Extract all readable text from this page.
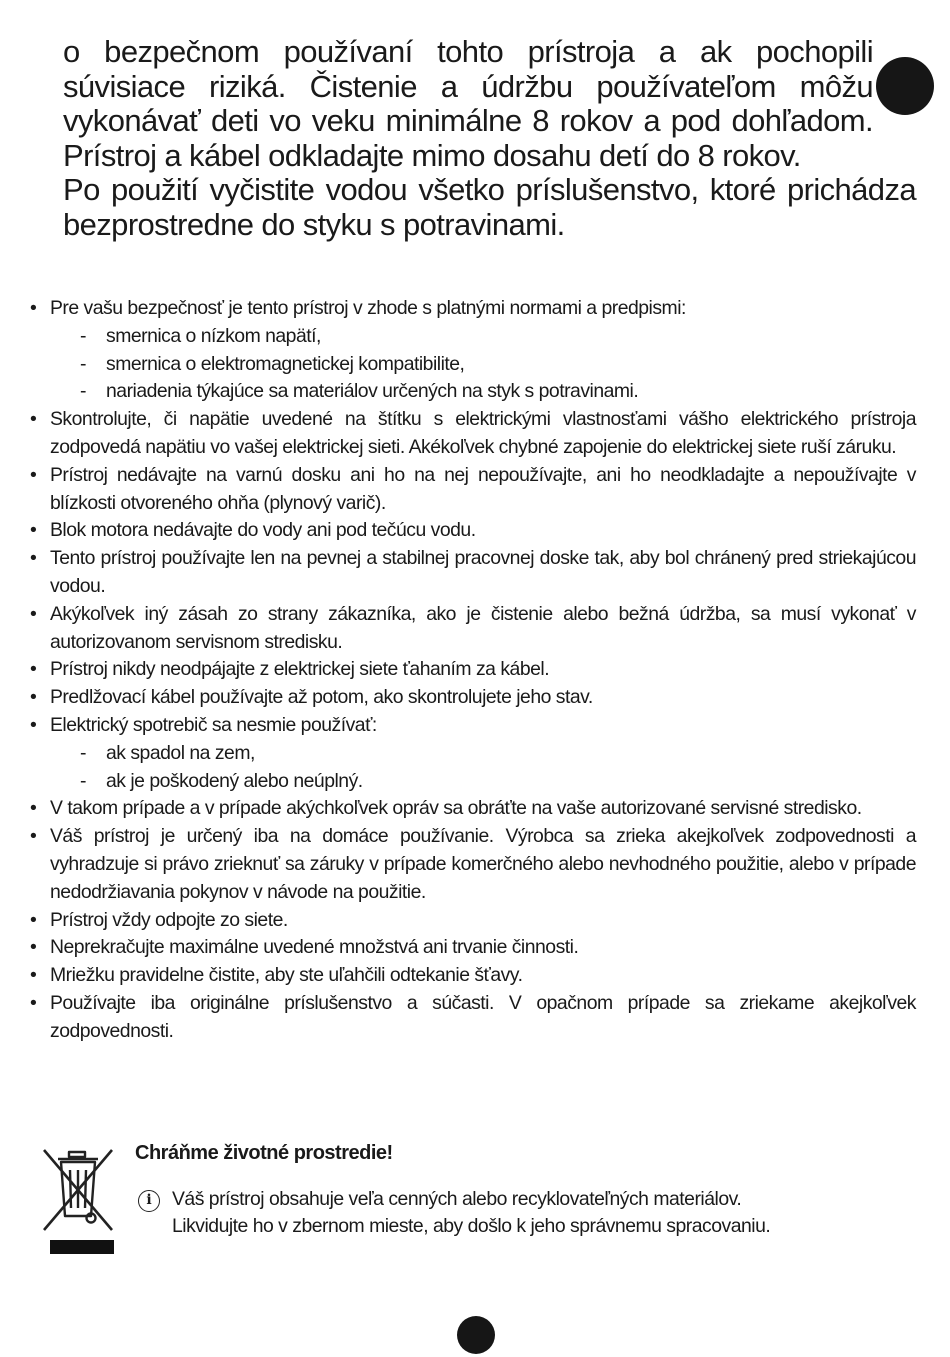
o bezpečnom používaní tohto prístroja a ak pochopili súvisiace riziká. Čistenie a údržbu používateľom môžu vykonávať deti vo veku minimálne 8 rokov a pod dohľadom. Prístroj a kábel odkladajte mimo dosahu detí do 8 rokov.

Po použití vyčistite vodou všetko príslušenstvo, ktoré prichádza bezprostredne do styku s potravinami.

• Pre vašu bezpečnosť je tento prístroj v zhode s platnými normami a predpismi:
- smernica o nízkom napätí,
- smernica o elektromagnetickej kompatibilite,
- nariadenia týkajúce sa materiálov určených na styk s potravinami.
• Skontrolujte, či napätie uvedené na štítku s elektrickými vlastnosťami vášho elektrického prístroja zodpovedá napätiu vo vašej elektrickej sieti. Akékoľvek chybné zapojenie do elektrickej siete ruší záruku.
• Prístroj nedávajte na varnú dosku ani ho na nej nepoužívajte, ani ho neodkladajte a nepoužívajte v blízkosti otvoreného ohňa (plynový varič).
• Blok motora nedávajte do vody ani pod tečúcu vodu.
• Tento prístroj používajte len na pevnej a stabilnej pracovnej doske tak, aby bol chránený pred striekajúcou vodou.
• Akýkoľvek iný zásah zo strany zákazníka, ako je čistenie alebo bežná údržba, sa musí vykonať v autorizovanom servisnom stredisku.
• Prístroj nikdy neodpájajte z elektrickej siete ťahaním za kábel.
• Predlžovací kábel používajte až potom, ako skontrolujete jeho stav.
• Elektrický spotrebič sa nesmie používať:
- ak spadol na zem,
- ak je poškodený alebo neúplný.
• V takom prípade a v prípade akýchkoľvek opráv sa obráťte na vaše autorizované servisné stredisko.
• Váš prístroj je určený iba na domáce používanie. Výrobca sa zrieka akejkoľvek zodpovednosti a vyhradzuje si právo zrieknuť sa záruky v prípade komerčného alebo nevhodného použitie, alebo v prípade nedodržiavania pokynov v návode na použitie.
• Prístroj vždy odpojte zo siete.
• Neprekračujte maximálne uvedené množstvá ani trvanie činnosti.
• Mriežku pravidelne čistite, aby ste uľahčili odtekanie šťavy.
• Používajte iba originálne príslušenstvo a súčasti. V opačnom prípade sa zriekame akejkoľvek zodpovednosti.
Chráňme životné prostredie!
i	Váš prístroj obsahuje veľa cenných alebo recyklovateľných materiálov.
Likvidujte ho v zbernom mieste, aby došlo k jeho správnemu spracovaniu.
